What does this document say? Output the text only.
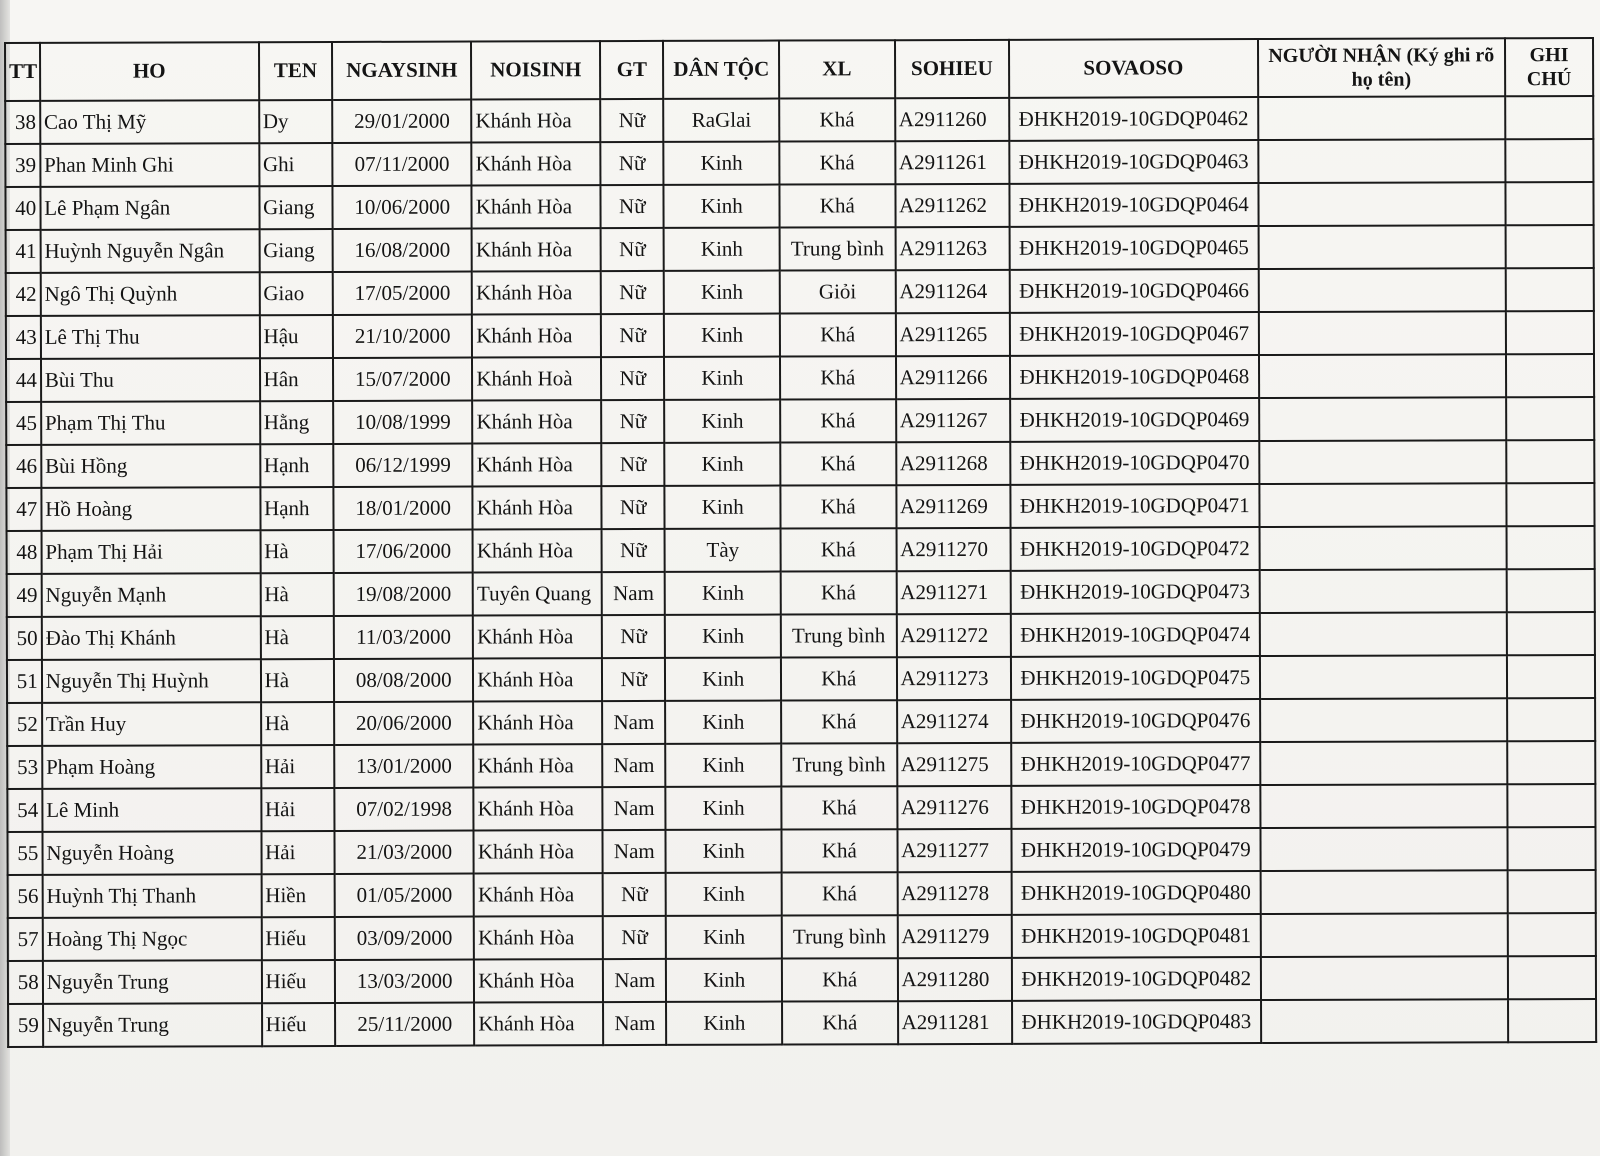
TT	HO	TEN	NGAYSINH	NOISINH	GT	DÂN TỘC	XL	SOHIEU	SOVAOSO	NGƯỜI NHẬN (Ký ghi rõ họ tên)	GHI CHÚ
38	Cao Thị Mỹ	Dy	29/01/2000	Khánh Hòa	Nữ	RaGlai	Khá	A2911260	ĐHKH2019-10GDQP0462		
39	Phan Minh Ghi	Ghi	07/11/2000	Khánh Hòa	Nữ	Kinh	Khá	A2911261	ĐHKH2019-10GDQP0463		
40	Lê Phạm Ngân	Giang	10/06/2000	Khánh Hòa	Nữ	Kinh	Khá	A2911262	ĐHKH2019-10GDQP0464		
41	Huỳnh Nguyễn Ngân	Giang	16/08/2000	Khánh Hòa	Nữ	Kinh	Trung bình	A2911263	ĐHKH2019-10GDQP0465		
42	Ngô Thị Quỳnh	Giao	17/05/2000	Khánh Hòa	Nữ	Kinh	Giỏi	A2911264	ĐHKH2019-10GDQP0466		
43	Lê Thị Thu	Hậu	21/10/2000	Khánh Hòa	Nữ	Kinh	Khá	A2911265	ĐHKH2019-10GDQP0467		
44	Bùi Thu	Hân	15/07/2000	Khánh Hoà	Nữ	Kinh	Khá	A2911266	ĐHKH2019-10GDQP0468		
45	Phạm Thị Thu	Hằng	10/08/1999	Khánh Hòa	Nữ	Kinh	Khá	A2911267	ĐHKH2019-10GDQP0469		
46	Bùi Hồng	Hạnh	06/12/1999	Khánh Hòa	Nữ	Kinh	Khá	A2911268	ĐHKH2019-10GDQP0470		
47	Hồ Hoàng	Hạnh	18/01/2000	Khánh Hòa	Nữ	Kinh	Khá	A2911269	ĐHKH2019-10GDQP0471		
48	Phạm Thị Hải	Hà	17/06/2000	Khánh Hòa	Nữ	Tày	Khá	A2911270	ĐHKH2019-10GDQP0472		
49	Nguyễn Mạnh	Hà	19/08/2000	Tuyên Quang	Nam	Kinh	Khá	A2911271	ĐHKH2019-10GDQP0473		
50	Đào Thị Khánh	Hà	11/03/2000	Khánh Hòa	Nữ	Kinh	Trung bình	A2911272	ĐHKH2019-10GDQP0474		
51	Nguyễn Thị Huỳnh	Hà	08/08/2000	Khánh Hòa	Nữ	Kinh	Khá	A2911273	ĐHKH2019-10GDQP0475		
52	Trần Huy	Hà	20/06/2000	Khánh Hòa	Nam	Kinh	Khá	A2911274	ĐHKH2019-10GDQP0476		
53	Phạm Hoàng	Hải	13/01/2000	Khánh Hòa	Nam	Kinh	Trung bình	A2911275	ĐHKH2019-10GDQP0477		
54	Lê Minh	Hải	07/02/1998	Khánh Hòa	Nam	Kinh	Khá	A2911276	ĐHKH2019-10GDQP0478		
55	Nguyễn Hoàng	Hải	21/03/2000	Khánh Hòa	Nam	Kinh	Khá	A2911277	ĐHKH2019-10GDQP0479		
56	Huỳnh Thị Thanh	Hiền	01/05/2000	Khánh Hòa	Nữ	Kinh	Khá	A2911278	ĐHKH2019-10GDQP0480		
57	Hoàng Thị Ngọc	Hiếu	03/09/2000	Khánh Hòa	Nữ	Kinh	Trung bình	A2911279	ĐHKH2019-10GDQP0481		
58	Nguyễn Trung	Hiếu	13/03/2000	Khánh Hòa	Nam	Kinh	Khá	A2911280	ĐHKH2019-10GDQP0482		
59	Nguyễn Trung	Hiếu	25/11/2000	Khánh Hòa	Nam	Kinh	Khá	A2911281	ĐHKH2019-10GDQP0483		
